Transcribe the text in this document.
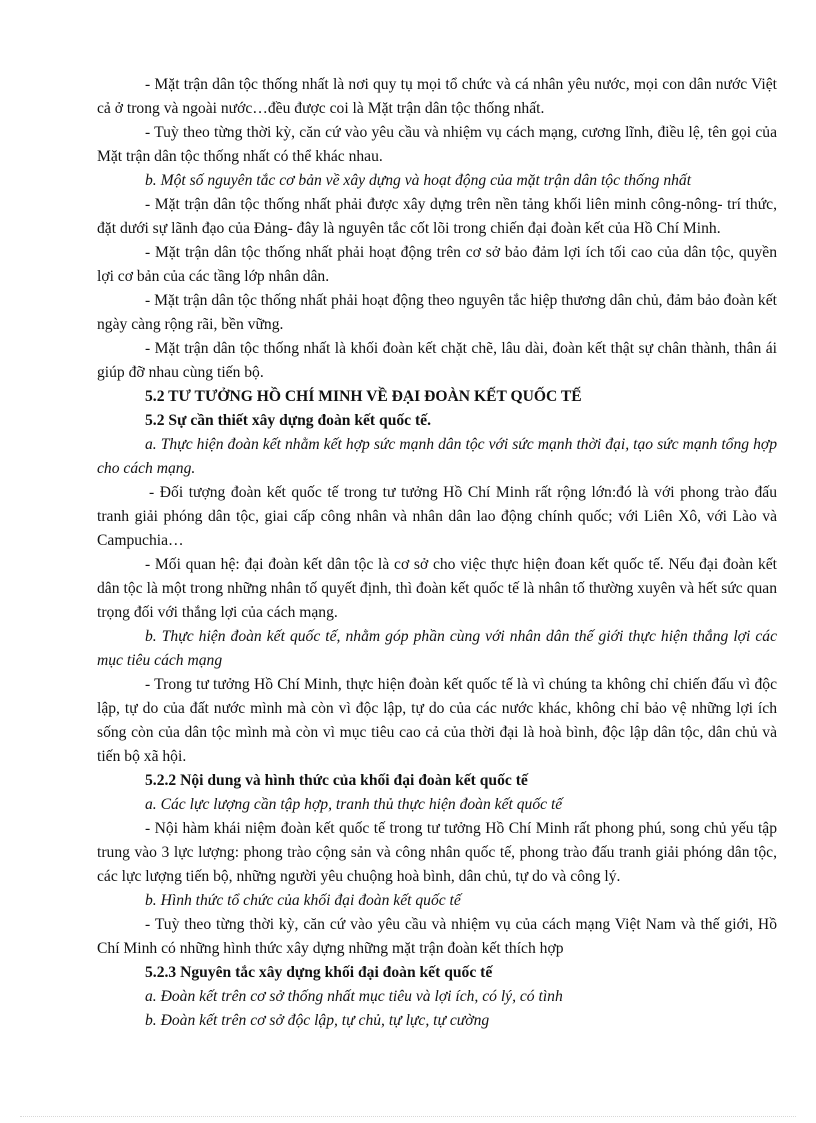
- Mặt trận dân tộc thống nhất là nơi quy tụ mọi tổ chức và cá nhân yêu nước, mọi con dân nước Việt cả ở trong và ngoài nước…đều được coi là Mặt trận dân tộc thống nhất.

- Tuỳ theo từng thời kỳ, căn cứ vào yêu cầu và nhiệm vụ cách mạng, cương lĩnh, điều lệ, tên gọi của Mặt trận dân tộc thống nhất có thể khác nhau.

b. Một số nguyên tắc cơ bản về xây dựng và hoạt động của mặt trận dân tộc thống nhất

- Mặt trận dân tộc thống nhất phải được xây dựng trên nền tảng khối liên minh công-nông- trí thức, đặt dưới sự lãnh đạo của Đảng- đây là nguyên tắc cốt lõi trong chiến đại đoàn kết của Hồ Chí Minh.

- Mặt trận dân tộc thống nhất phải hoạt động trên cơ sở bảo đảm lợi ích tối cao của dân tộc, quyền lợi cơ bản của các tầng lớp nhân dân.

- Mặt trận dân tộc thống nhất phải hoạt động theo nguyên tắc hiệp thương dân chủ, đảm bảo đoàn kết ngày càng rộng rãi, bền vững.

- Mặt trận dân tộc thống nhất là khối đoàn kết chặt chẽ, lâu dài, đoàn kết thật sự chân thành, thân ái giúp đỡ nhau cùng tiến bộ.

5.2 TƯ TƯỞNG HỒ CHÍ MINH VỀ ĐẠI ĐOÀN KẾT QUỐC TẾ

5.2 Sự cần thiết xây dựng đoàn kết quốc tế.

a. Thực hiện đoàn kết nhằm kết hợp sức mạnh dân tộc với sức mạnh thời đại, tạo sức mạnh tổng hợp cho cách mạng.

- Đối tượng đoàn kết quốc tế trong tư tưởng Hồ Chí Minh rất rộng lớn:đó là với phong trào đấu tranh giải phóng dân tộc, giai cấp công nhân và nhân dân lao động chính quốc; với Liên Xô, với Lào và Campuchia…

- Mối quan hệ: đại đoàn kết dân tộc là cơ sở cho việc thực hiện đoan kết quốc tế. Nếu đại đoàn kết dân tộc là một trong những nhân tố quyết định, thì đoàn kết quốc tế là nhân tố thường xuyên và hết sức quan trọng đối với thắng lợi của cách mạng.

b. Thực hiện đoàn kết quốc tế, nhằm góp phần cùng với nhân dân thế giới thực hiện thắng lợi các mục tiêu cách mạng

- Trong tư tưởng Hồ Chí Minh, thực hiện đoàn kết quốc tế là vì chúng ta không chỉ chiến đấu vì độc lập, tự do của đất nước mình mà còn vì độc lập, tự do của các nước khác, không chỉ bảo vệ những lợi ích sống còn của dân tộc mình mà còn vì mục tiêu cao cả của thời đại là hoà bình, độc lập dân tộc, dân chủ và tiến bộ xã hội.

5.2.2 Nội dung và hình thức của khối đại đoàn kết quốc tế

a. Các lực lượng cần tập hợp, tranh thủ thực hiện đoàn kết quốc tế

- Nội hàm khái niệm đoàn kết quốc tế trong tư tưởng Hồ Chí Minh rất phong phú, song chủ yếu tập trung vào 3 lực lượng: phong trào cộng sản và công nhân quốc tế, phong trào đấu tranh giải phóng dân tộc, các lực lượng tiến bộ, những người yêu chuộng hoà bình, dân chủ, tự do và công lý.

b. Hình thức tổ chức của khối đại đoàn kết quốc tế

- Tuỳ theo từng thời kỳ, căn cứ vào yêu cầu và nhiệm vụ của cách mạng Việt Nam và thế giới, Hồ Chí Minh có những hình thức xây dựng những mặt trận đoàn kết thích hợp

5.2.3 Nguyên tắc xây dựng khối đại đoàn kết quốc tế

a. Đoàn kết trên cơ sở thống nhất mục tiêu và lợi ích, có lý, có tình

b. Đoàn kết trên cơ sở độc lập, tự chủ, tự lực, tự cường
